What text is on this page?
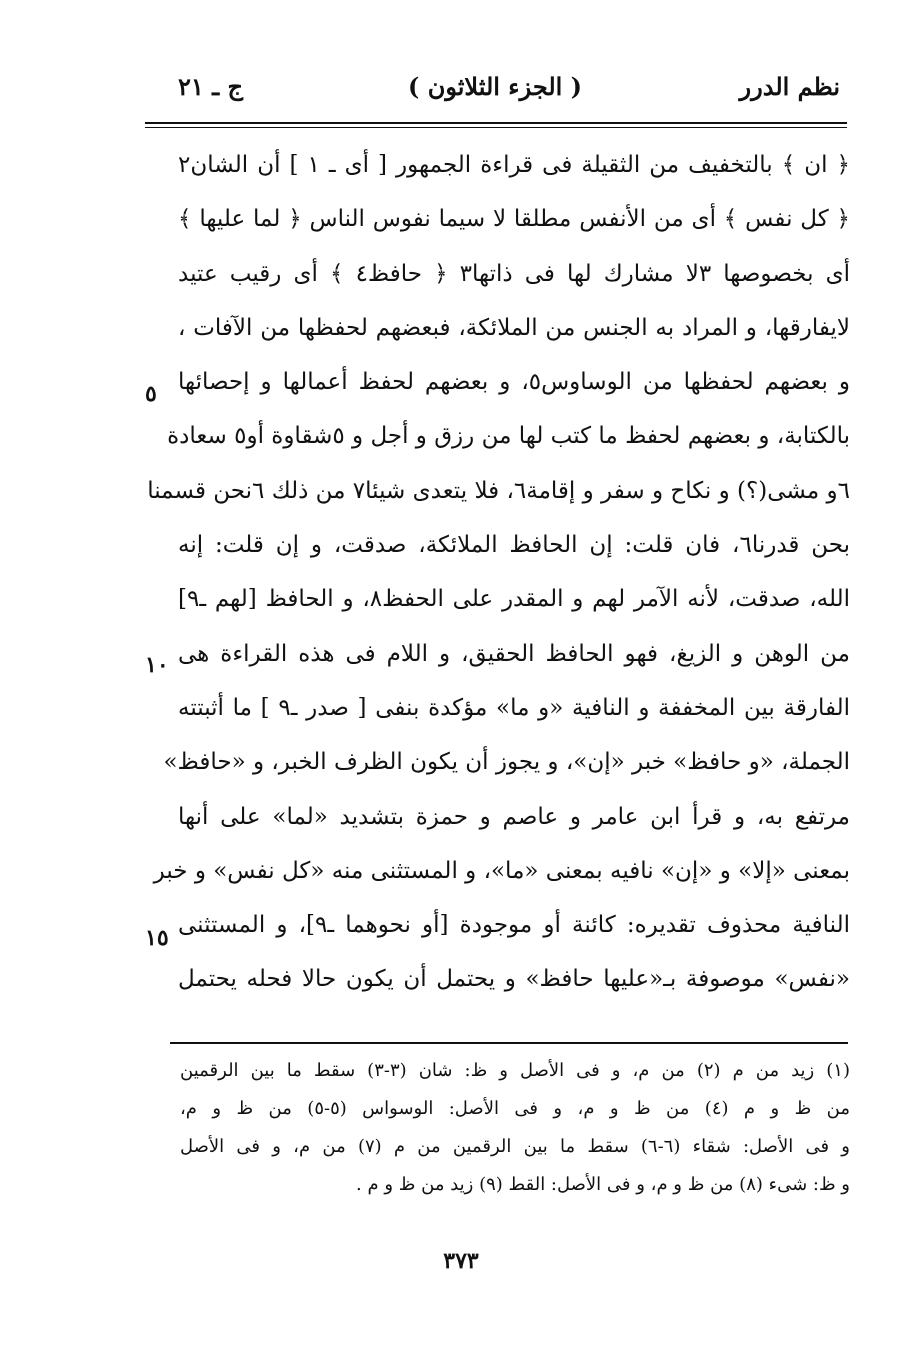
نظم الدرر
( الجزء الثلاثون )
ج ـ ٢١
﴿ ان ﴾ بالتخفيف من الثقيلة فى قراءة الجمهور [ أى ـ ١ ] أن الشان٢
﴿ كل نفس ﴾ أى من الأنفس مطلقا لا سيما نفوس الناس ﴿ لما عليها ﴾
أى بخصوصها ٣لا مشارك لها فى ذاتها٣ ﴿ حافظ٤ ﴾ أى رقيب عتيد
لايفارقها، و المراد به الجنس من الملائكة، فبعضهم لحفظها من الآفات ،
و بعضهم لحفظها من الوساوس٥، و بعضهم لحفظ أعمالها و إحصائها
بالكتابة، و بعضهم لحفظ ما كتب لها من رزق و أجل و ٥شقاوة أو٥ سعادة
٦و مشى(؟) و نكاح و سفر و إقامة٦، فلا يتعدى شيئا٧ من ذلك ٦نحن قسمنا
بحن قدرنا٦، فان قلت: إن الحافظ الملائكة، صدقت، و إن قلت: إنه
الله، صدقت، لأنه الآمر لهم و المقدر على الحفظ٨، و الحافظ [لهم ـ٩]
من الوهن و الزيغ، فهو الحافظ الحقيق، و اللام فى هذه القراءة هى
الفارقة بين المخففة و النافية «و ما» مؤكدة بنفى [ صدر ـ٩ ] ما أثبتته
الجملة، «و حافظ» خبر «إن»، و يجوز أن يكون الظرف الخبر، و «حافظ»
مرتفع به، و قرأ ابن عامر و عاصم و حمزة بتشديد «لما» على أنها
بمعنى «إلا» و «إن» نافيه بمعنى «ما»، و المستثنى منه «كل نفس» و خبر
النافية محذوف تقديره: كائنة أو موجودة [أو نحوهما ـ٩]، و المستثنى
«نفس» موصوفة بـ«عليها حافظ» و يحتمل أن يكون حالا فحله يحتمل
٥
١٠
١٥
(١) زيد من م (٢) من م، و فى الأصل و ظ: شان (٣-٣) سقط ما بين الرقمين
من ظ و م (٤) من ظ و م، و فى الأصل: الوسواس (٥-٥) من ظ و م،
و فى الأصل: شقاء (٦-٦) سقط ما بين الرقمين من م (٧) من م، و فى الأصل
و ظ: شىء (٨) من ظ و م، و فى الأصل: القط (٩) زيد من ظ و م .
٣٧٣
